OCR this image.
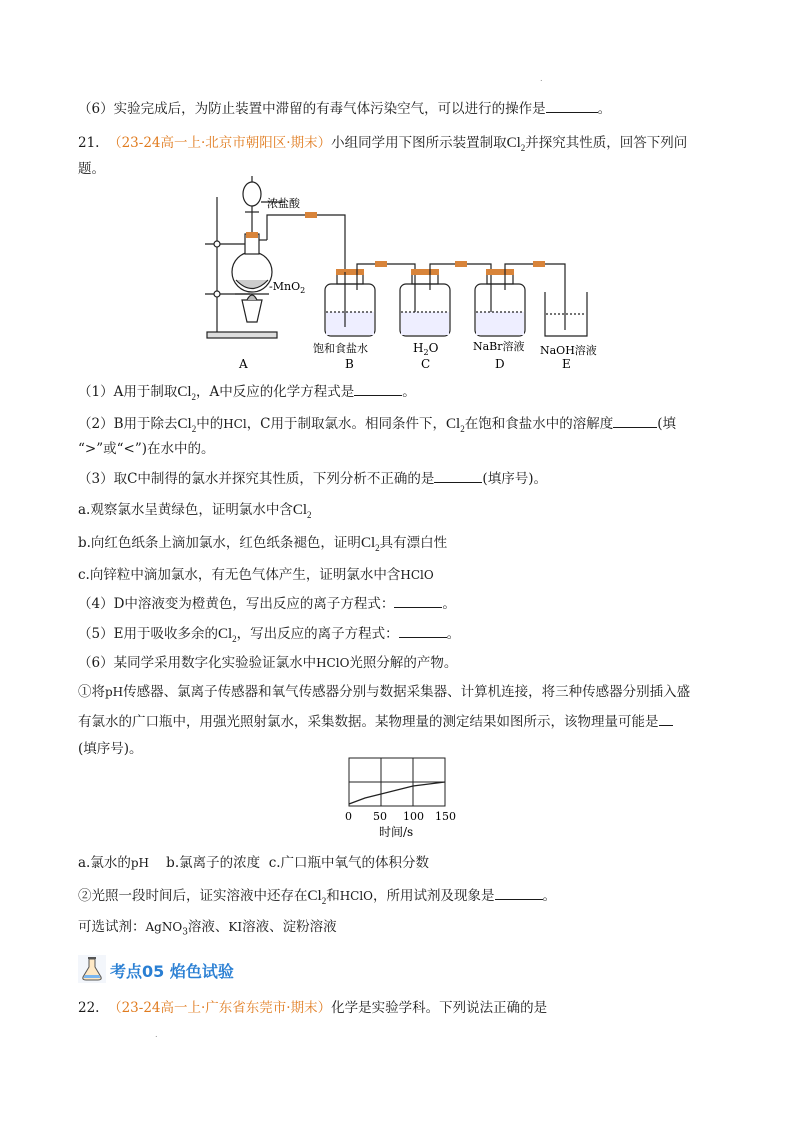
.
（6）实验完成后，为防止装置中滞留的有毒气体污染空气，可以进行的操作是	。
21. （23-24高一上·北京市朝阳区·期末）小组同学用下图所示装置制取$Cl_2$并探究其性质，回答下列问
题。
浓盐酸
-MnO$_2$
饱和食盐水	$H_2O$	NaBr溶液 NaOH溶液
A	B	C	D	E
（1）A用于制取$Cl_2$，A中反应的化学方程式是	。
（2）B用于除去$Cl_2$中的HCl，C用于制取氯水。相同条件下，$Cl_2$在饱和食盐水中的溶解度	(填
“>”或“<”)在水中的。
（3）取C中制得的氯水并探究其性质，下列分析不正确的是	(填序号)。
a.观察氯水呈黄绿色，证明氯水中含$Cl_2$
b.向红色纸条上滴加氯水，红色纸条褪色，证明$Cl_2$具有漂白性
c.向锌粒中滴加氯水，有无色气体产生，证明氯水中含HClO
（4）D中溶液变为橙黄色，写出反应的离子方程式：	。
（5）E用于吸收多余的$Cl_2$，写出反应的离子方程式：	。
（6）某同学采用数字化实验验证氯水中HClO光照分解的产物。
①将pH传感器、氯离子传感器和氧气传感器分别与数据采集器、计算机连接，将三种传感器分别插入盛
有氯水的广口瓶中，用强光照射氯水，采集数据。某物理量的测定结果如图所示，该物理量可能是
(填序号)。
0 50 100 150
时间/s
a.氯水的pH b.氯离子的浓度 c.广口瓶中氧气的体积分数
②光照一段时间后，证实溶液中还存在$Cl_2$和HClO，所用试剂及现象是	。
可选试剂：AgNO$_3$溶液、KI溶液、淀粉溶液
考点05 焰色试验
22. （23-24高一上·广东省东莞市·期末）化学是实验学科。下列说法正确的是
.
